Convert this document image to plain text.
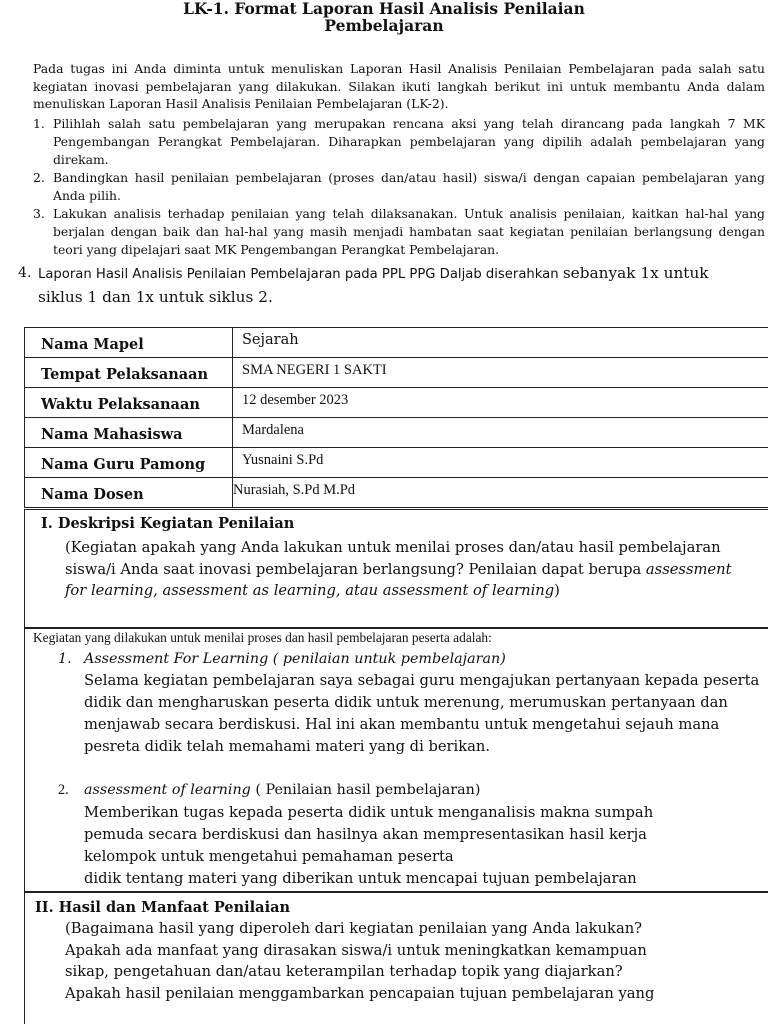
LK-1. Format Laporan Hasil Analisis Penilaian
Pembelajaran
Pada tugas ini Anda diminta untuk menuliskan Laporan Hasil Analisis Penilaian Pembelajaran pada salah satu kegiatan inovasi pembelajaran yang dilakukan. Silakan ikuti langkah berikut ini untuk membantu Anda dalam menuliskan Laporan Hasil Analisis Penilaian Pembelajaran (LK-2).
1. Pilihlah salah satu pembelajaran yang merupakan rencana aksi yang telah dirancang pada langkah 7 MK Pengembangan Perangkat Pembelajaran. Diharapkan pembelajaran yang dipilih adalah pembelajaran yang direkam.
2. Bandingkan hasil penilaian pembelajaran (proses dan/atau hasil) siswa/i dengan capaian pembelajaran yang Anda pilih.
3. Lakukan analisis terhadap penilaian yang telah dilaksanakan. Untuk analisis penilaian, kaitkan hal-hal yang berjalan dengan baik dan hal-hal yang masih menjadi hambatan saat kegiatan penilaian berlangsung dengan teori yang dipelajari saat MK Pengembangan Perangkat Pembelajaran.
4. Laporan Hasil Analisis Penilaian Pembelajaran pada PPL PPG Daljab diserahkan sebanyak 1x untuk
siklus 1 dan 1x untuk siklus 2.
Nama Mapel	Sejarah
Tempat Pelaksanaan	SMA NEGERI 1 SAKTI
Waktu Pelaksanaan	12 desember 2023
Nama Mahasiswa	Mardalena
Nama Guru Pamong	Yusnaini S.Pd
Nama Dosen	Nurasiah, S.Pd M.Pd
I. Deskripsi Kegiatan Penilaian
(Kegiatan apakah yang Anda lakukan untuk menilai proses dan/atau hasil pembelajaran siswa/i Anda saat inovasi pembelajaran berlangsung? Penilaian dapat berupa assessment for learning, assessment as learning, atau assessment of learning)
Kegiatan yang dilakukan untuk menilai proses dan hasil pembelajaran peserta adalah:
1. Assessment For Learning ( penilaian untuk pembelajaran)
Selama kegiatan pembelajaran saya sebagai guru mengajukan pertanyaan kepada peserta didik dan mengharuskan peserta didik untuk merenung, merumuskan pertanyaan dan menjawab secara berdiskusi. Hal ini akan membantu untuk mengetahui sejauh mana pesreta didik telah memahami materi yang di berikan.
2. assessment of learning ( Penilaian hasil pembelajaran)
Memberikan tugas kepada peserta didik untuk menganalisis makna sumpah
pemuda secara berdiskusi dan hasilnya akan mempresentasikan hasil kerja
kelompok untuk mengetahui pemahaman peserta
didik tentang materi yang diberikan untuk mencapai tujuan pembelajaran
II. Hasil dan Manfaat Penilaian
(Bagaimana hasil yang diperoleh dari kegiatan penilaian yang Anda lakukan?
Apakah ada manfaat yang dirasakan siswa/i untuk meningkatkan kemampuan
sikap, pengetahuan dan/atau keterampilan terhadap topik yang diajarkan?
Apakah hasil penilaian menggambarkan pencapaian tujuan pembelajaran yang
